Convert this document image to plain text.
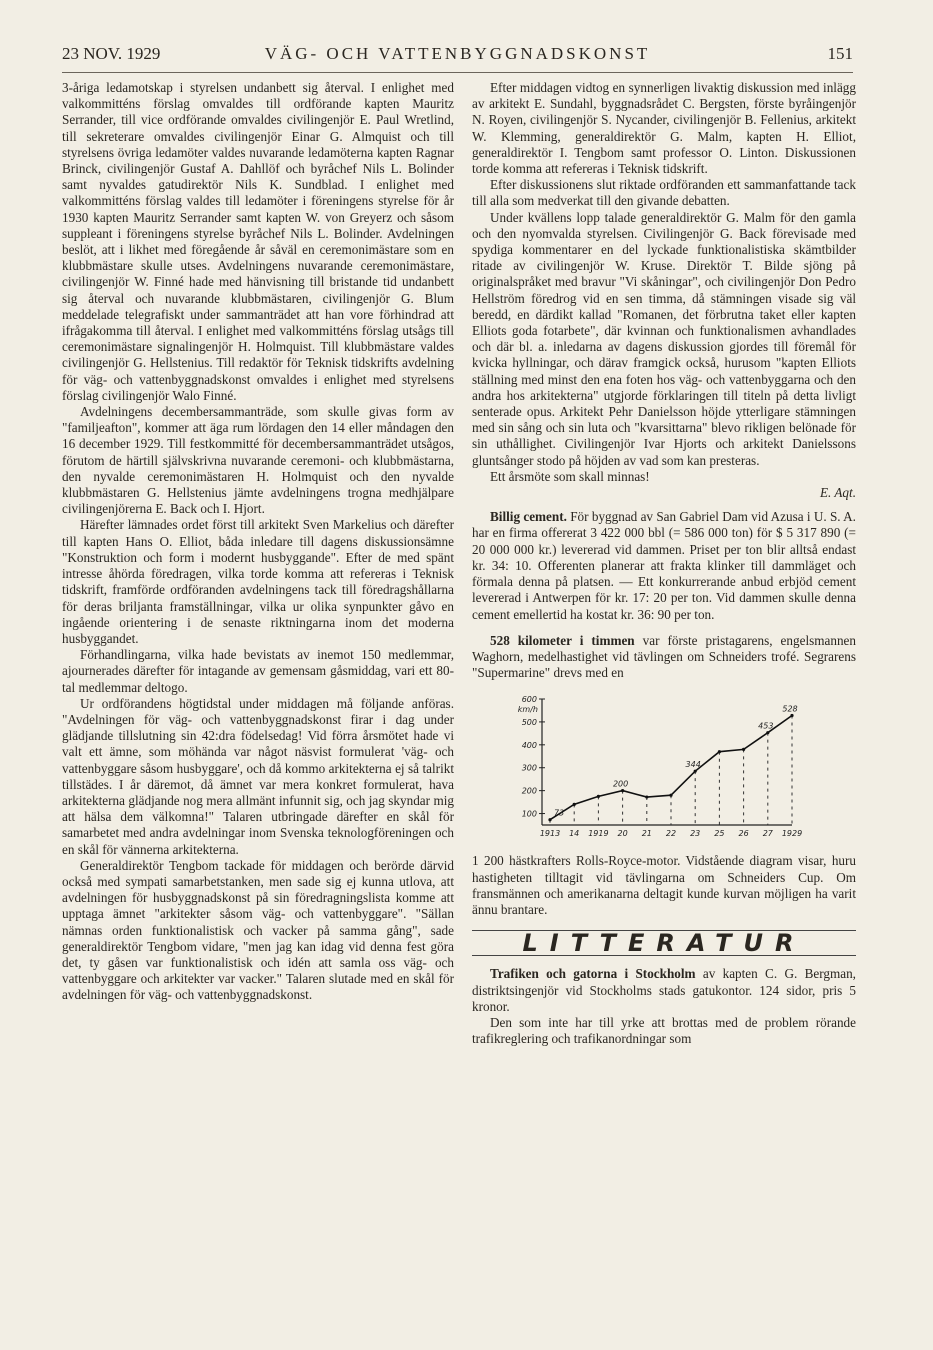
23 NOV. 1929	VÄG- OCH VATTENBYGGNADSKONST	151

3-åriga ledamotskap i styrelsen undanbett sig återval. I enlighet med valkommitténs förslag omvaldes till ordförande kapten Mauritz Serrander, till vice ordförande omvaldes civilingenjör E. Paul Wretlind, till sekreterare omvaldes civilingenjör Einar G. Almquist och till styrelsens övriga ledamöter valdes nuvarande ledamöterna kapten Ragnar Brinck, civilingenjör Gustaf A. Dahllöf och byråchef Nils L. Bolinder samt nyvaldes gatudirektör Nils K. Sundblad. I enlighet med valkommitténs förslag valdes till ledamöter i föreningens styrelse för år 1930 kapten Mauritz Serrander samt kapten W. von Greyerz och såsom suppleant i föreningens styrelse byråchef Nils L. Bolinder. Avdelningen beslöt, att i likhet med föregående år såväl en ceremonimästare som en klubbmästare skulle utses. Avdelningens nuvarande ceremonimästare, civilingenjör W. Finné hade med hänvisning till bristande tid undanbett sig återval och nuvarande klubbmästaren, civilingenjör G. Blum meddelade telegrafiskt under sammanträdet att han vore förhindrad att ifrågakomma till återval. I enlighet med valkommitténs förslag utsågs till ceremonimästare signalingenjör H. Holmquist. Till klubbmästare valdes civilingenjör G. Hellstenius. Till redaktör för Teknisk tidskrifts avdelning för väg- och vattenbyggnadskonst omvaldes i enlighet med styrelsens förslag civilingenjör Walo Finné.

Avdelningens decembersammanträde, som skulle givas form av "familjeafton", kommer att äga rum lördagen den 14 eller måndagen den 16 december 1929. Till festkommitté för decembersammanträdet utsågos, förutom de härtill självskrivna nuvarande ceremoni- och klubbmästarna, den nyvalde ceremonimästaren H. Holmquist och den nyvalde klubbmästaren G. Hellstenius jämte avdelningens trogna medhjälpare civilingenjörerna E. Back och I. Hjort.

Härefter lämnades ordet först till arkitekt Sven Markelius och därefter till kapten Hans O. Elliot, båda inledare till dagens diskussionsämne "Konstruktion och form i modernt husbyggande". Efter de med spänt intresse åhörda föredragen, vilka torde komma att refereras i Teknisk tidskrift, framförde ordföranden avdelningens tack till föredragshållarna för deras briljanta framställningar, vilka ur olika synpunkter gåvo en ingående orientering i de senaste riktningarna inom det moderna husbyggandet.

Förhandlingarna, vilka hade bevistats av inemot 150 medlemmar, ajournerades därefter för intagande av gemensam gåsmiddag, vari ett 80-tal medlemmar deltogo.

Ur ordförandens högtidstal under middagen må följande anföras. "Avdelningen för väg- och vattenbyggnadskonst firar i dag under glädjande tillslutning sin 42:dra födelsedag! Vid förra årsmötet hade vi valt ett ämne, som möhända var något näsvist formulerat 'väg- och vattenbyggare såsom husbyggare', och då kommo arkitekterna ej så talrikt tillstädes. I år däremot, då ämnet var mera konkret formulerat, hava arkitekterna glädjande nog mera allmänt infunnit sig, och jag skyndar mig att hälsa dem välkomna!" Talaren utbringade därefter en skål för samarbetet med andra avdelningar inom Svenska teknologföreningen och en skål för vännerna arkitekterna.

Generaldirektör Tengbom tackade för middagen och berörde därvid också med sympati samarbetstanken, men sade sig ej kunna utlova, att avdelningen för husbyggnadskonst på sin föredragningslista komme att upptaga ämnet "arkitekter såsom väg- och vattenbyggare". "Sällan nämnas orden funktionalistisk och vacker på samma gång", sade generaldirektör Tengbom vidare, "men jag kan idag vid denna fest göra det, ty gåsen var funktionalistisk och idén att samla oss väg- och vattenbyggare och arkitekter var vacker." Talaren slutade med en skål för avdelningen för väg- och vattenbyggnadskonst.

Efter middagen vidtog en synnerligen livaktig diskussion med inlägg av arkitekt E. Sundahl, byggnadsrådet C. Bergsten, förste byråingenjör N. Royen, civilingenjör S. Nycander, civilingenjör B. Fellenius, arkitekt W. Klemming, generaldirektör G. Malm, kapten H. Elliot, generaldirektör I. Tengbom samt professor O. Linton. Diskussionen torde komma att refereras i Teknisk tidskrift.

Efter diskussionens slut riktade ordföranden ett sammanfattande tack till alla som medverkat till den givande debatten.

Under kvällens lopp talade generaldirektör G. Malm för den gamla och den nyomvalda styrelsen. Civilingenjör G. Back förevisade med spydiga kommentarer en del lyckade funktionalistiska skämtbilder ritade av civilingenjör W. Kruse. Direktör T. Bilde sjöng på originalspråket med bravur "Vi skåningar", och civilingenjör Don Pedro Hellström föredrog vid en sen timma, då stämningen visade sig väl beredd, en därdikt kallad "Romanen, det förbrutna taket eller kapten Elliots goda fotarbete", där kvinnan och funktionalismen avhandlades och där bl. a. inledarna av dagens diskussion gjordes till föremål för kvicka hyllningar, och därav framgick också, hurusom "kapten Elliots ställning med minst den ena foten hos väg- och vattenbyggarna och den andra hos arkitekterna" utgjorde förklaringen till titeln på detta livligt senterade opus. Arkitekt Pehr Danielsson höjde ytterligare stämningen med sin sång och sin luta och "kvarsittarna" blevo rikligen belönade för sin uthållighet. Civilingenjör Ivar Hjorts och arkitekt Danielssons gluntsånger stodo på höjden av vad som kan presteras.

Ett årsmöte som skall minnas!

E. Aqt.

Billig cement. För byggnad av San Gabriel Dam vid Azusa i U. S. A. har en firma offererat 3 422 000 bbl (= 586 000 ton) för $ 5 317 890 (= 20 000 000 kr.) levererad vid dammen. Priset per ton blir alltså endast kr. 34: 10. Offerenten planerar att frakta klinker till dammläget och förmala denna på platsen. — Ett konkurrerande anbud erbjöd cement levererad i Antwerpen för kr. 17: 20 per ton. Vid dammen skulle denna cement emellertid ha kostat kr. 36: 90 per ton.

528 kilometer i timmen var förste pristagarens, engelsmannen Waghorn, medelhastighet vid tävlingen om Schneiders trofé. Segrarens "Supermarine" drevs med en

100
200
300
400
500
600
km/h
1913 14 1919 20 21 22 23 25 26 27 1929
73
200
344
453
528

1 200 hästkrafters Rolls-Royce-motor. Vidstående diagram visar, huru hastigheten tilltagit vid tävlingarna om Schneiders Cup. Om fransmännen och amerikanarna deltagit kunde kurvan möjligen ha varit ännu brantare.

LITTERATUR

Trafiken och gatorna i Stockholm av kapten C. G. Bergman, distriktsingenjör vid Stockholms stads gatukontor. 124 sidor, pris 5 kronor.

Den som inte har till yrke att brottas med de problem rörande trafikreglering och trafikanordningar som
